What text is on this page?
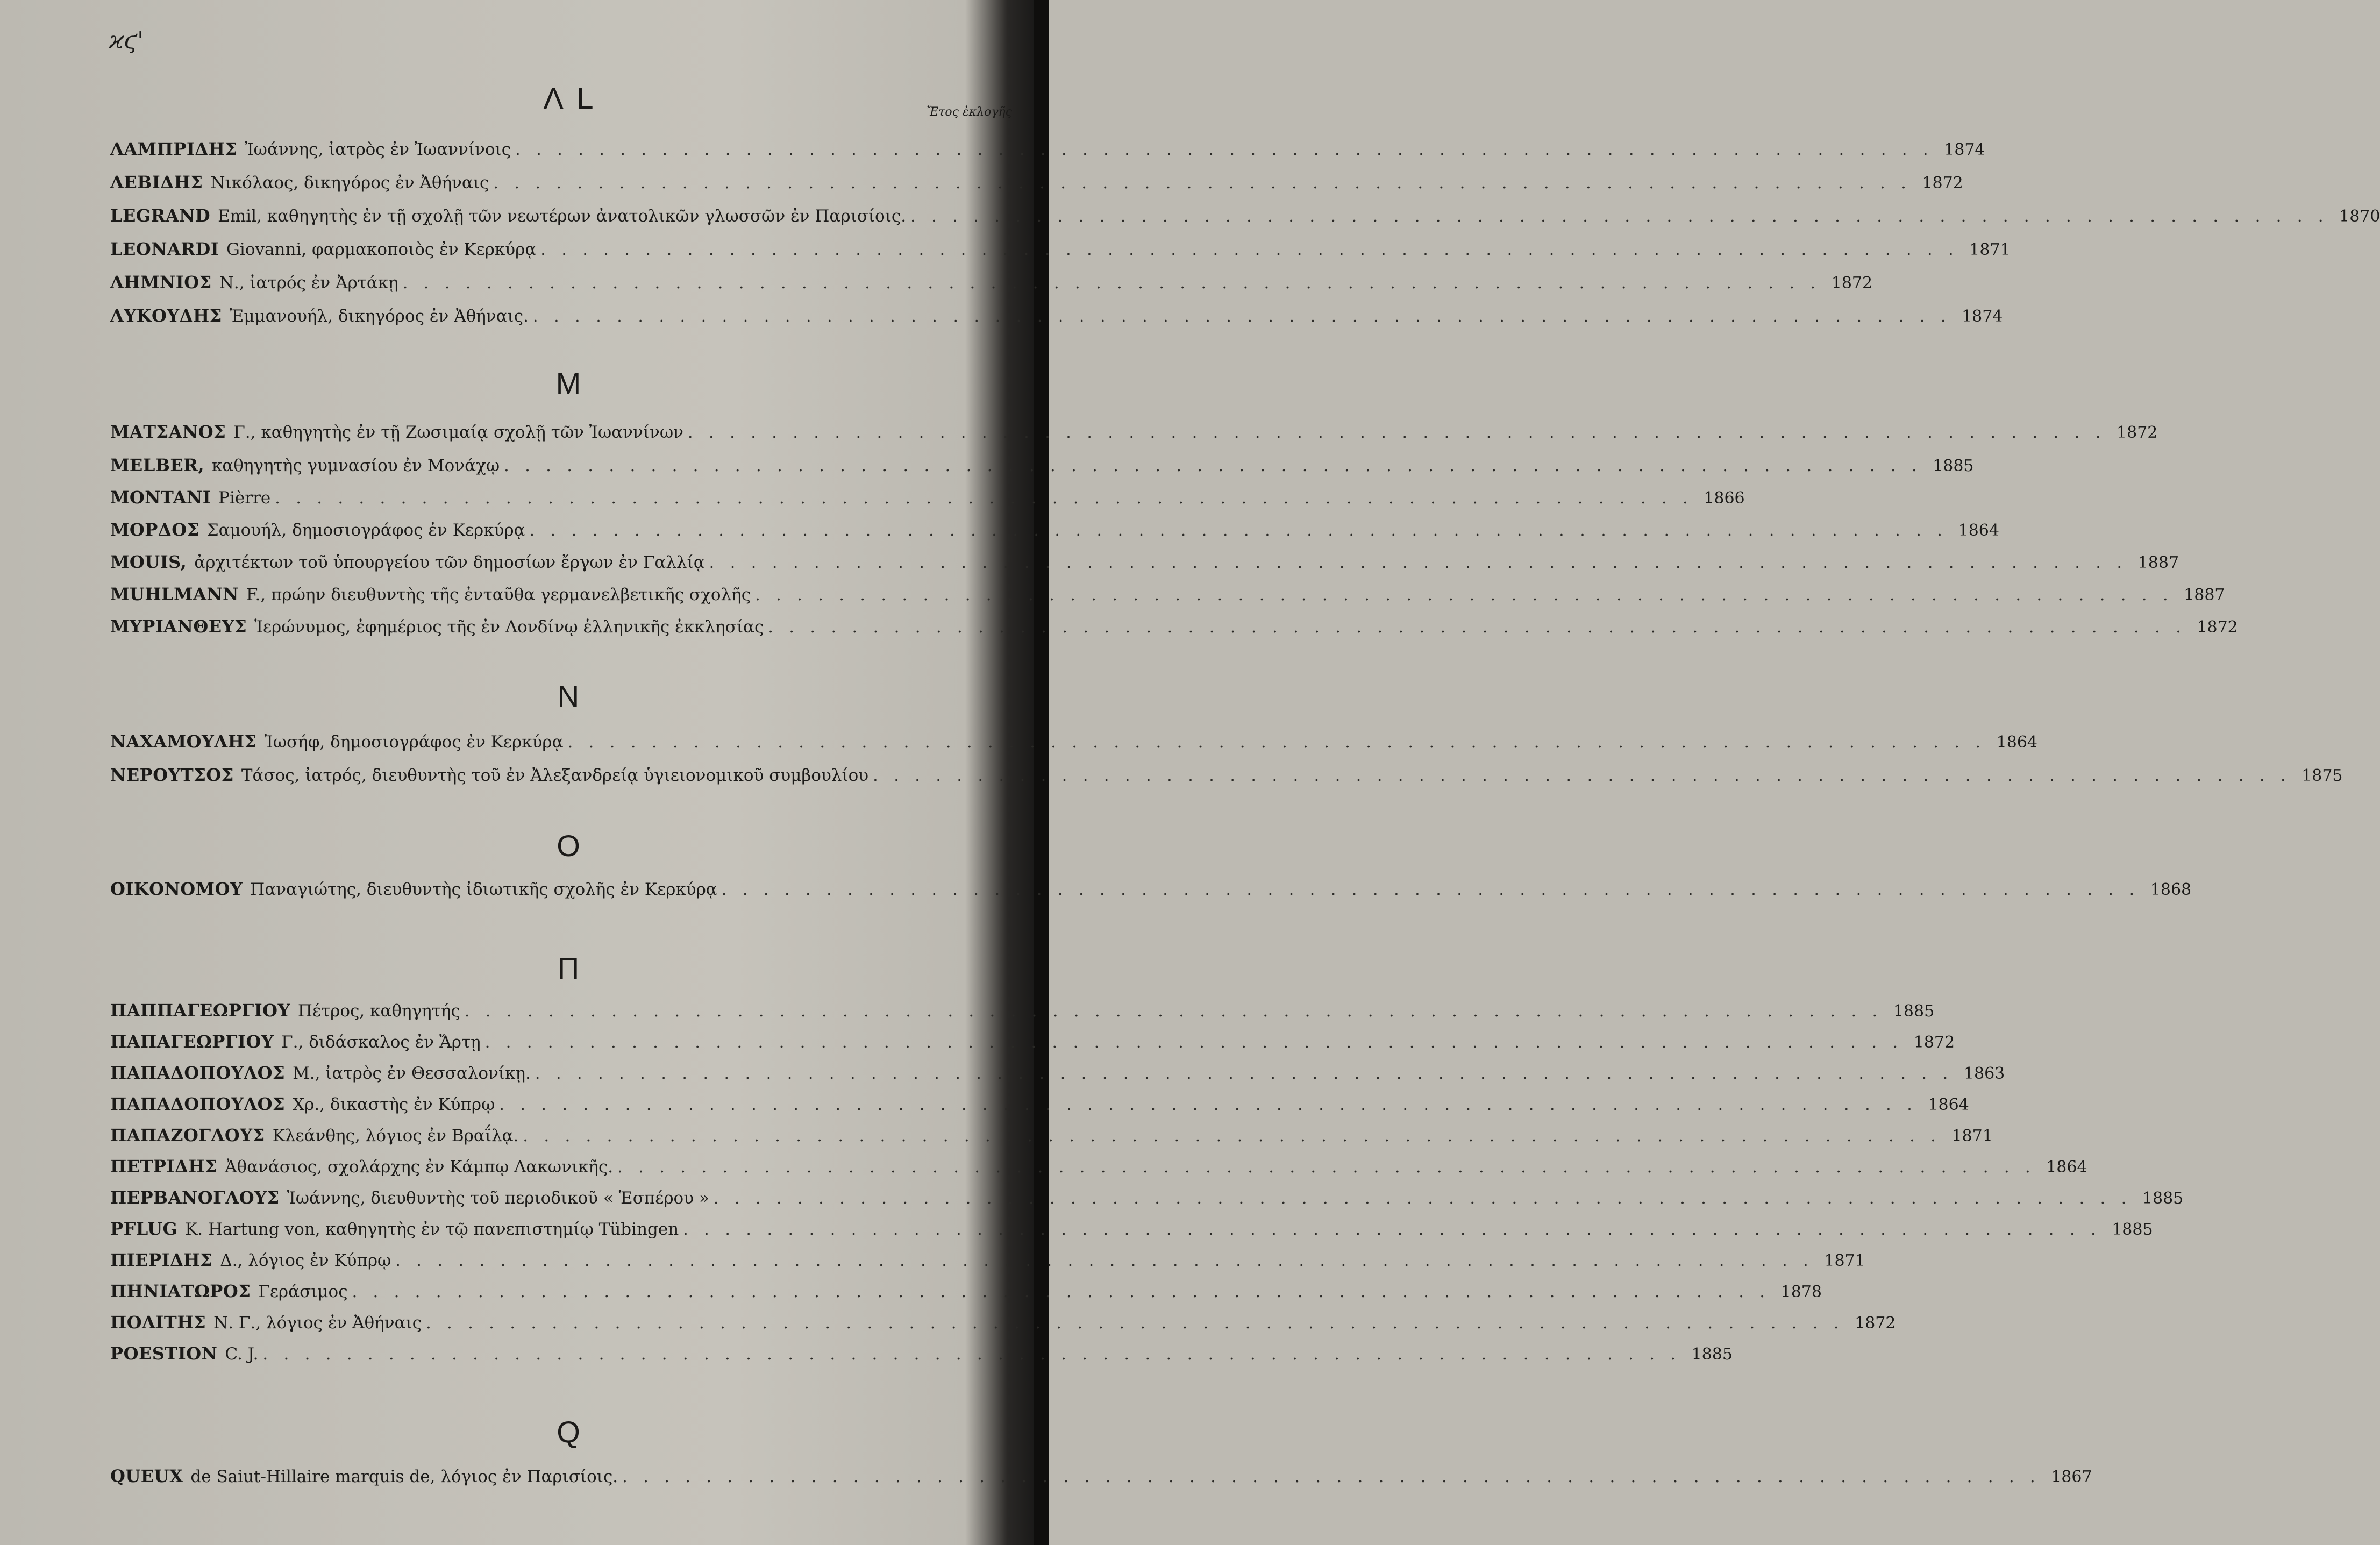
ϰϛ'
Ἔτος ἐκλογῆς
Λ L
ΛΑΜΠΡΙΔΗΣ Ἰωάννης, ἰατρὸς ἐν Ἰωαννίνοις . . .	1874
ΛΕΒΙΔΗΣ Νικόλαος, δικηγόρος ἐν Ἀθήναις . . .	1872
LEGRAND Emil, καθηγητὴς ἐν τῇ σχολῇ τῶν νεωτέρων ἀνατολικῶν γλωσσῶν ἐν Παρισίοις. . . .	1870
LEONARDI Giovanni, φαρμακοποιὸς ἐν Κερκύρᾳ . . .	1871
ΛΗΜΝΙΟΣ Ν., ἰατρός ἐν Ἀρτάκῃ . . .	1872
ΛΥΚΟΥΔΗΣ Ἐμμανουήλ, δικηγόρος ἐν Ἀθήναις. . . .	1874
M
ΜΑΤΣΑΝΟΣ Γ., καθηγητὴς ἐν τῇ Ζωσιμαίᾳ σχολῇ τῶν Ἰωαννίνων . . .	1872
MELBER, καθηγητὴς γυμνασίου ἐν Μονάχῳ . . .	1885
MONTANI Pièrre . . .	1866
ΜΟΡΔΟΣ Σαμουήλ, δημοσιογράφος ἐν Κερκύρᾳ . . .	1864
MOUIS, ἀρχιτέκτων τοῦ ὑπουργείου τῶν δημοσίων ἔργων ἐν Γαλλίᾳ . . .	1887
MUHLMANN F., πρώην διευθυντὴς τῆς ἐνταῦθα γερμανελβετικῆς σχολῆς . . .	1887
ΜΥΡΙΑΝΘΕΥΣ Ἱερώνυμος, ἐφημέριος τῆς ἐν Λονδίνῳ ἑλληνικῆς ἐκκλησίας . . .	1872
N
ΝΑΧΑΜΟΥΛΗΣ Ἰωσήφ, δημοσιογράφος ἐν Κερκύρᾳ . . .	1864
ΝΕΡΟΥΤΣΟΣ Τάσος, ἰατρός, διευθυντὴς τοῦ ἐν Ἀλεξανδρείᾳ ὑγιειονομικοῦ συμβουλίου . . .	1875
O
ΟΙΚΟΝΟΜΟΥ Παναγιώτης, διευθυντὴς ἰδιωτικῆς σχολῆς ἐν Κερκύρᾳ . . .	1868
Π
ΠΑΠΠΑΓΕΩΡΓΙΟΥ Πέτρος, καθηγητής . . .	1885
ΠΑΠΑΓΕΩΡΓΙΟΥ Γ., διδάσκαλος ἐν Ἄρτῃ . . .	1872
ΠΑΠΑΔΟΠΟΥΛΟΣ Μ., ἰατρὸς ἐν Θεσσαλονίκῃ. . . .	1863
ΠΑΠΑΔΟΠΟΥΛΟΣ Χρ., δικαστὴς ἐν Κύπρῳ . . .	1864
ΠΑΠΑΖΟΓΛΟΥΣ Κλεάνθης, λόγιος ἐν Βραΐλᾳ. . . .	1871
ΠΕΤΡΙΔΗΣ Ἀθανάσιος, σχολάρχης ἐν Κάμπῳ Λακωνικῆς. . . .	1864
ΠΕΡΒΑΝΟΓΛΟΥΣ Ἰωάννης, διευθυντὴς τοῦ περιοδικοῦ « Ἑσπέρου » . . .	1885
PFLUG K. Hartung von, καθηγητὴς ἐν τῷ πανεπιστημίῳ Tübingen . . .	1885
ΠΙΕΡΙΔΗΣ Δ., λόγιος ἐν Κύπρῳ . . .	1871
ΠΗΝΙΑΤΩΡΟΣ Γεράσιμος . . .	1878
ΠΟΛΙΤΗΣ Ν. Γ., λόγιος ἐν Ἀθήναις . . .	1872
POESTION C. J. . . .	1885
Q
QUEUX de Saiut-Hillaire marquis de, λόγιος ἐν Παρισίοις. . . .	1867
